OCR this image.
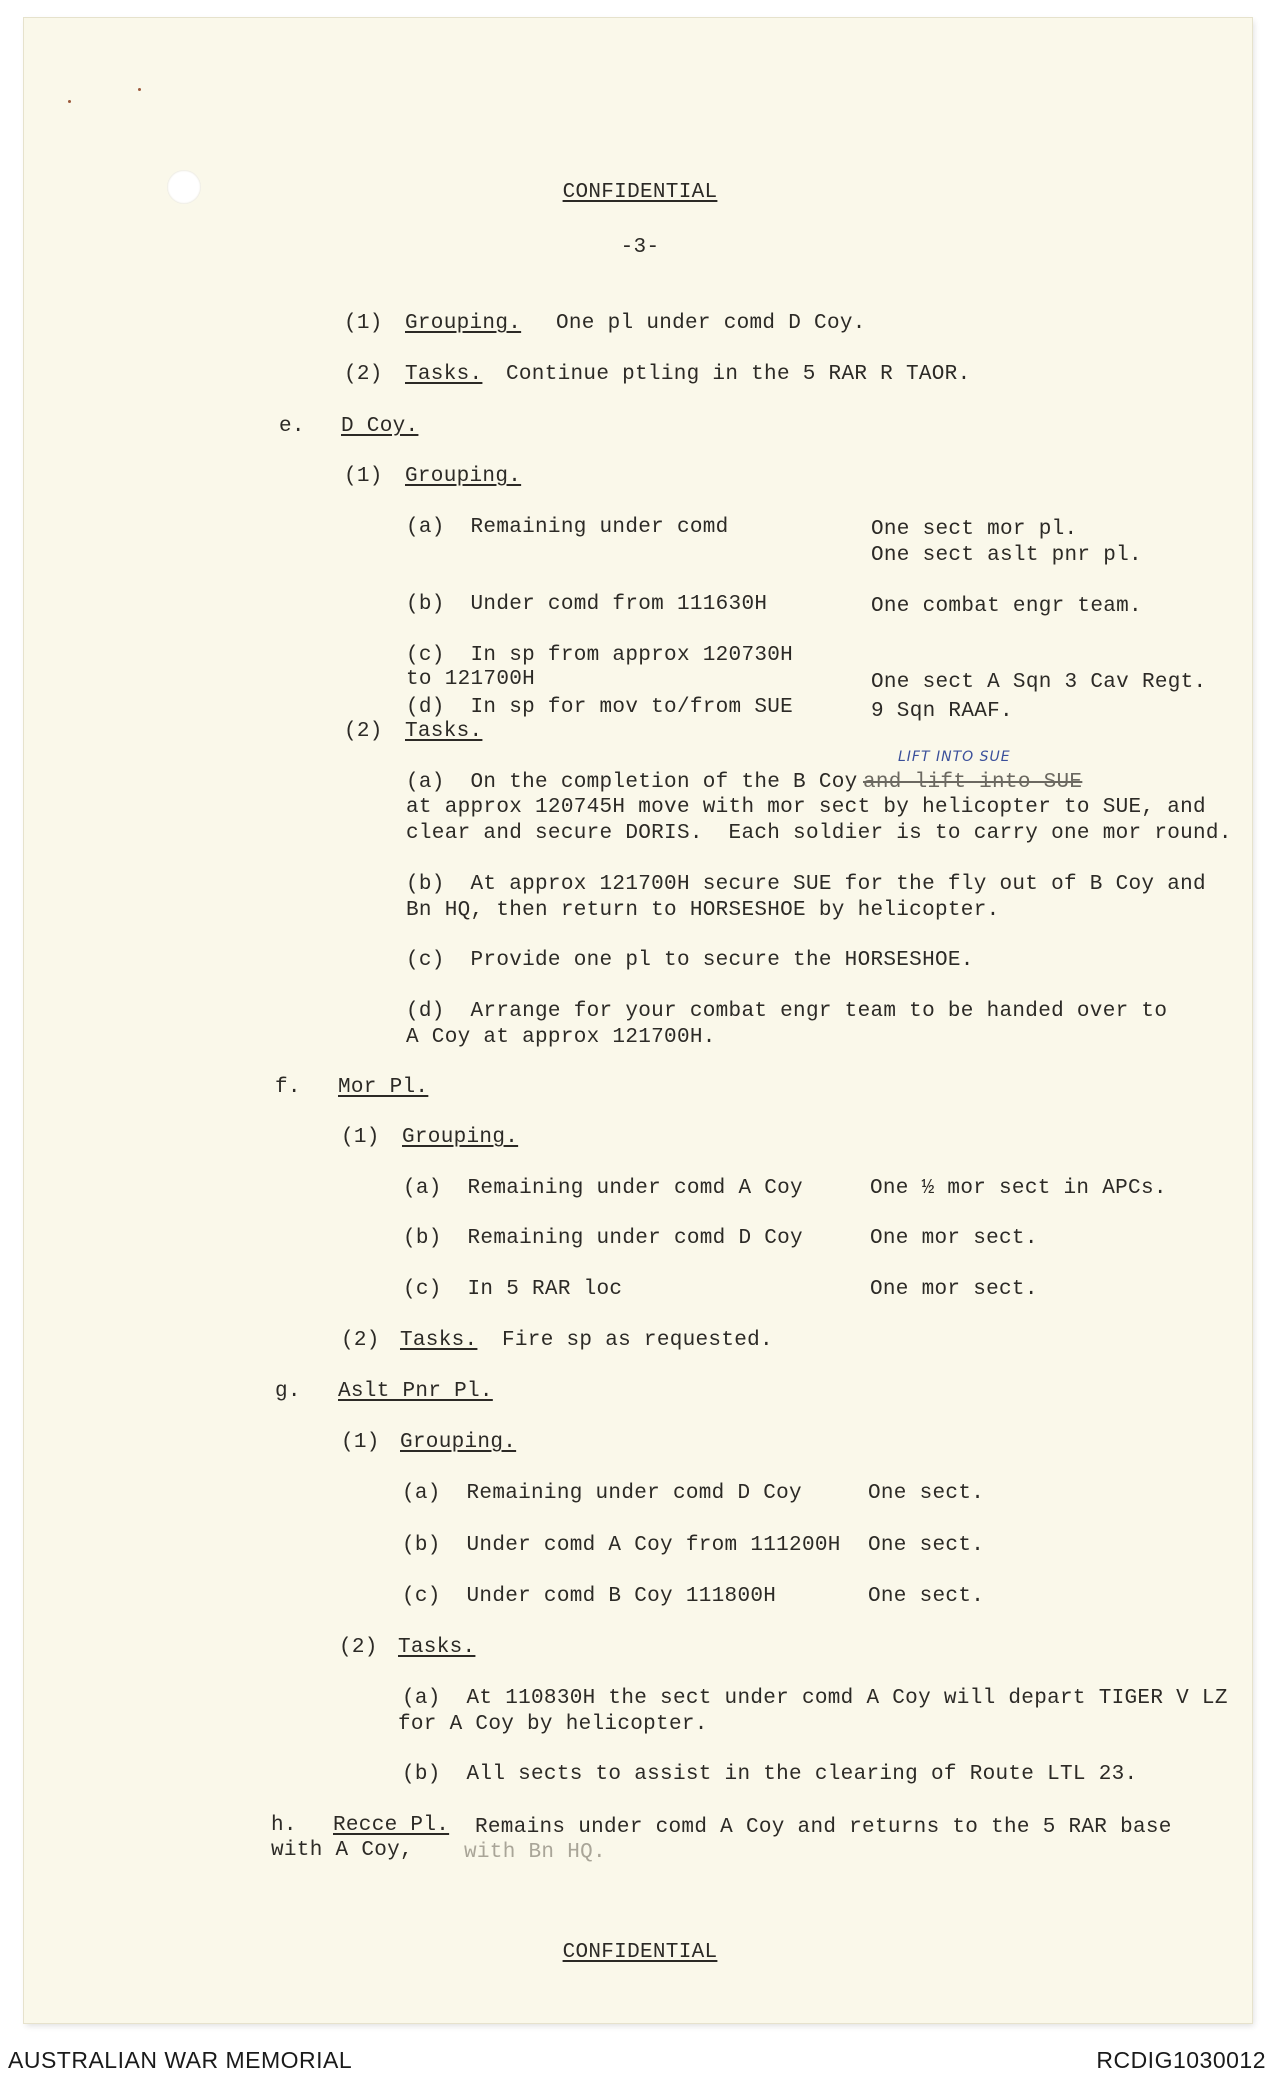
CONFIDENTIAL
-3-
(1) Grouping. One pl under comd D Coy.
(2) Tasks. Continue ptling in the 5 RAR R TAOR.
e. D Coy.
(1) Grouping.
(a)  Remaining under comd	One sect mor pl.
One sect aslt pnr pl.
(b)  Under comd from 111630H	One combat engr team.
(c)  In sp from approx 120730H
to 121700H	One sect A Sqn 3 Cav Regt.
(d)  In sp for mov to/from SUE	9 Sqn RAAF.
(2) Tasks.
LIFT INTO SUE
(a)  On the completion of the B Coy and lift into SUE
at approx 120745H move with mor sect by helicopter to SUE, and
clear and secure DORIS.  Each soldier is to carry one mor round.
(b)  At approx 121700H secure SUE for the fly out of B Coy and
Bn HQ, then return to HORSESHOE by helicopter.
(c)  Provide one pl to secure the HORSESHOE.
(d)  Arrange for your combat engr team to be handed over to
A Coy at approx 121700H.
f. Mor Pl.
(1) Grouping.
(a)  Remaining under comd A Coy	One ½ mor sect in APCs.
(b)  Remaining under comd D Coy	One mor sect.
(c)  In 5 RAR loc	One mor sect.
(2) Tasks. Fire sp as requested.
g. Aslt Pnr Pl.
(1) Grouping.
(a)  Remaining under comd D Coy	One sect.
(b)  Under comd A Coy from 111200H One sect.
(c)  Under comd B Coy 111800H	One sect.
(2) Tasks.
(a)  At 110830H the sect under comd A Coy will depart TIGER V LZ
for A Coy by helicopter.
(b)  All sects to assist in the clearing of Route LTL 23.
h. Recce Pl. Remains under comd A Coy and returns to the 5 RAR base
with A Coy, with Bn HQ.
CONFIDENTIAL
AUSTRALIAN WAR MEMORIAL	RCDIG1030012
